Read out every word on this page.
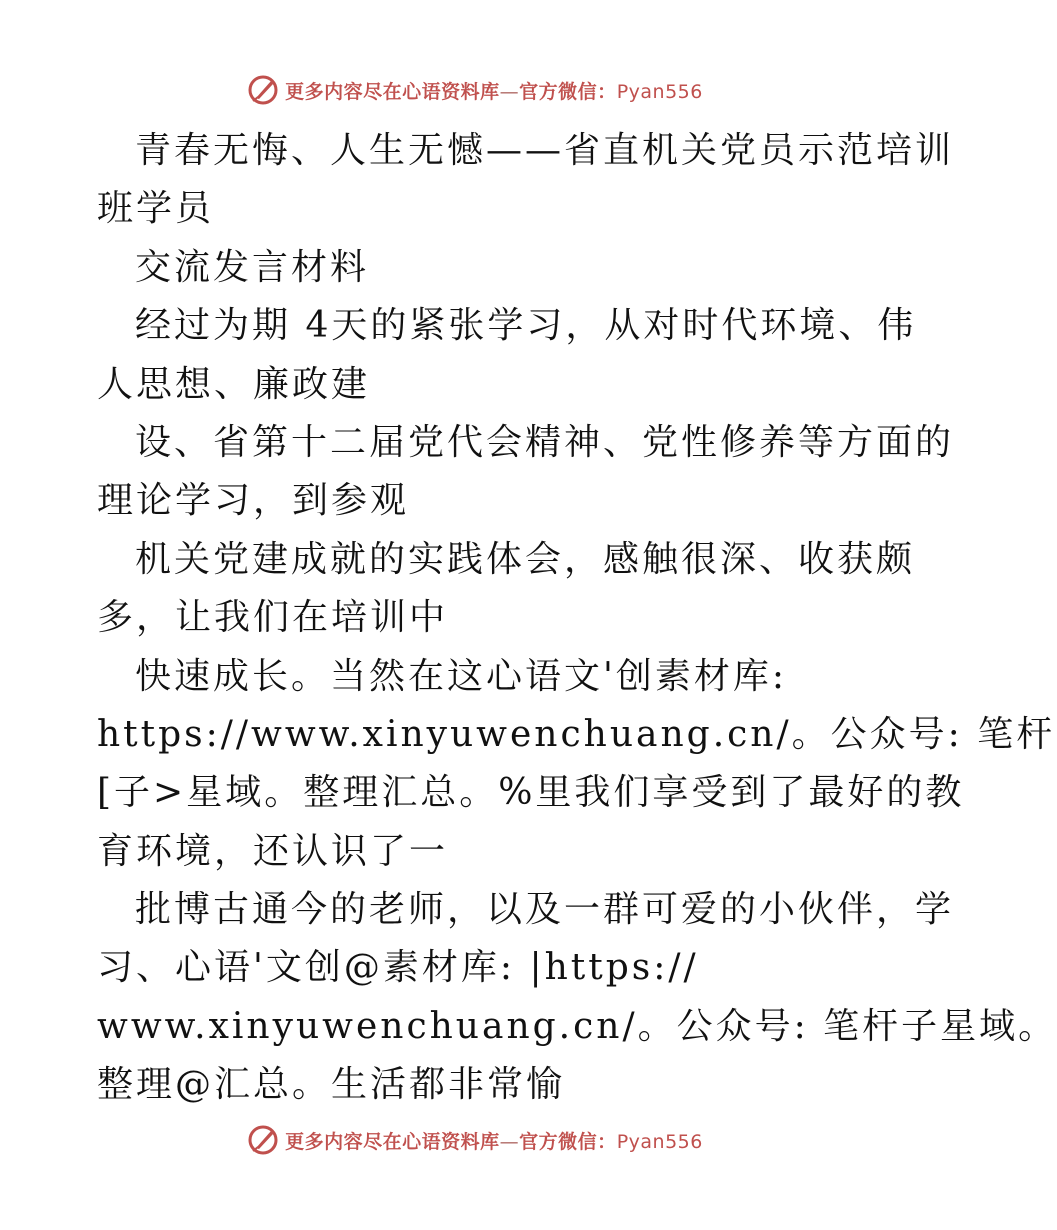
更多内容尽在心语资料库—官方微信：Pyan556
青春无悔、人生无憾——省直机关党员示范培训
班学员
交流发言材料
经过为期 4天的紧张学习，从对时代环境、伟
人思想、廉政建
设、省第十二届党代会精神、党性修养等方面的
理论学习，到参观
机关党建成就的实践体会，感触很深、收获颇
多，让我们在培训中
快速成长。当然在这心语文'创素材库:
https://www.xinyuwenchuang.cn/。公众号: 笔杆
[子>星域。整理汇总。%里我们享受到了最好的教
育环境，还认识了一
批博古通今的老师，以及一群可爱的小伙伴，学
习、心语'文创@素材库: |https://
www.xinyuwenchuang.cn/。公众号: 笔杆子星域。
整理@汇总。生活都非常愉
更多内容尽在心语资料库—官方微信：Pyan556
